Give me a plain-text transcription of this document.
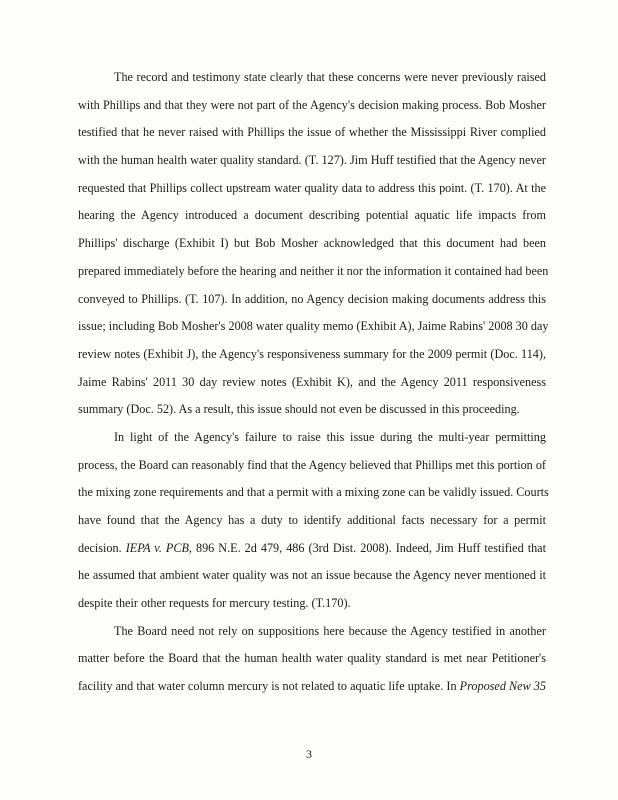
The record and testimony state clearly that these concerns were never previously raised
with Phillips and that they were not part of the Agency's decision making process. Bob Mosher
testified that he never raised with Phillips the issue of whether the Mississippi River complied
with the human health water quality standard. (T. 127). Jim Huff testified that the Agency never
requested that Phillips collect upstream water quality data to address this point. (T. 170). At the
hearing the Agency introduced a document describing potential aquatic life impacts from
Phillips' discharge (Exhibit I) but Bob Mosher acknowledged that this document had been
prepared immediately before the hearing and neither it nor the information it contained had been
conveyed to Phillips. (T. 107). In addition, no Agency decision making documents address this
issue; including Bob Mosher's 2008 water quality memo (Exhibit A), Jaime Rabins' 2008 30 day
review notes (Exhibit J), the Agency's responsiveness summary for the 2009 permit (Doc. 114),
Jaime Rabins' 2011 30 day review notes (Exhibit K), and the Agency 2011 responsiveness
summary (Doc. 52). As a result, this issue should not even be discussed in this proceeding.
In light of the Agency's failure to raise this issue during the multi-year permitting
process, the Board can reasonably find that the Agency believed that Phillips met this portion of
the mixing zone requirements and that a permit with a mixing zone can be validly issued. Courts
have found that the Agency has a duty to identify additional facts necessary for a permit
decision. IEPA v. PCB, 896 N.E. 2d 479, 486 (3rd Dist. 2008). Indeed, Jim Huff testified that
he assumed that ambient water quality was not an issue because the Agency never mentioned it
despite their other requests for mercury testing. (T.170).
The Board need not rely on suppositions here because the Agency testified in another
matter before the Board that the human health water quality standard is met near Petitioner's
facility and that water column mercury is not related to aquatic life uptake. In Proposed New 35
3
